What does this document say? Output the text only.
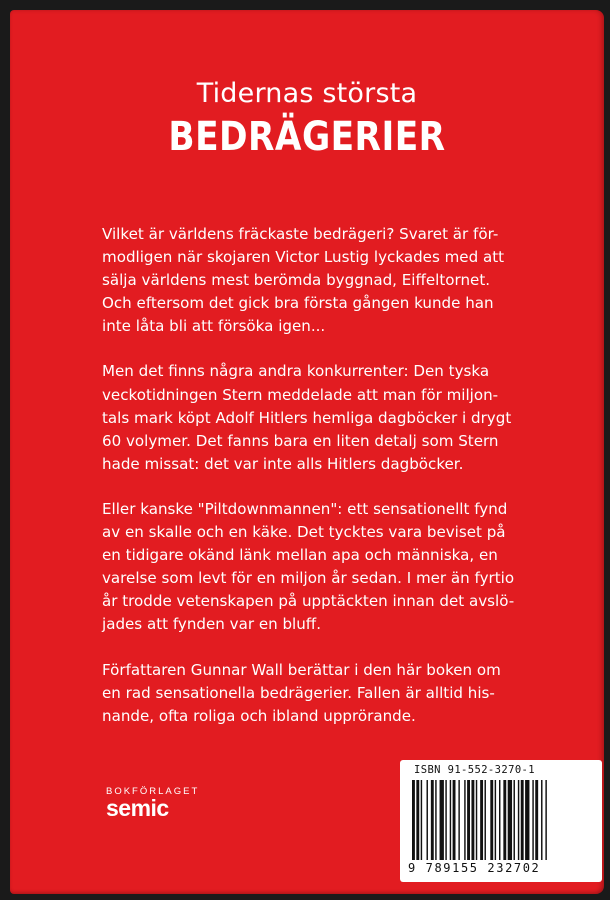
Tidernas största
BEDRÄGERIER

Vilket är världens fräckaste bedrägeri? Svaret är för-
modligen när skojaren Victor Lustig lyckades med att
sälja världens mest berömda byggnad, Eiffeltornet.
Och eftersom det gick bra första gången kunde han
inte låta bli att försöka igen...

Men det finns några andra konkurrenter: Den tyska
veckotidningen Stern meddelade att man för miljon-
tals mark köpt Adolf Hitlers hemliga dagböcker i drygt
60 volymer. Det fanns bara en liten detalj som Stern
hade missat: det var inte alls Hitlers dagböcker.

Eller kanske "Piltdownmannen": ett sensationellt fynd
av en skalle och en käke. Det tycktes vara beviset på
en tidigare okänd länk mellan apa och människa, en
varelse som levt för en miljon år sedan. I mer än fyrtio
år trodde vetenskapen på upptäckten innan det avslö-
jades att fynden var en bluff.

Författaren Gunnar Wall berättar i den här boken om
en rad sensationella bedrägerier. Fallen är alltid his-
nande, ofta roliga och ibland upprörande.

BOKFÖRLAGET
semic
ISBN 91-552-3270-1
9 789155 232702
